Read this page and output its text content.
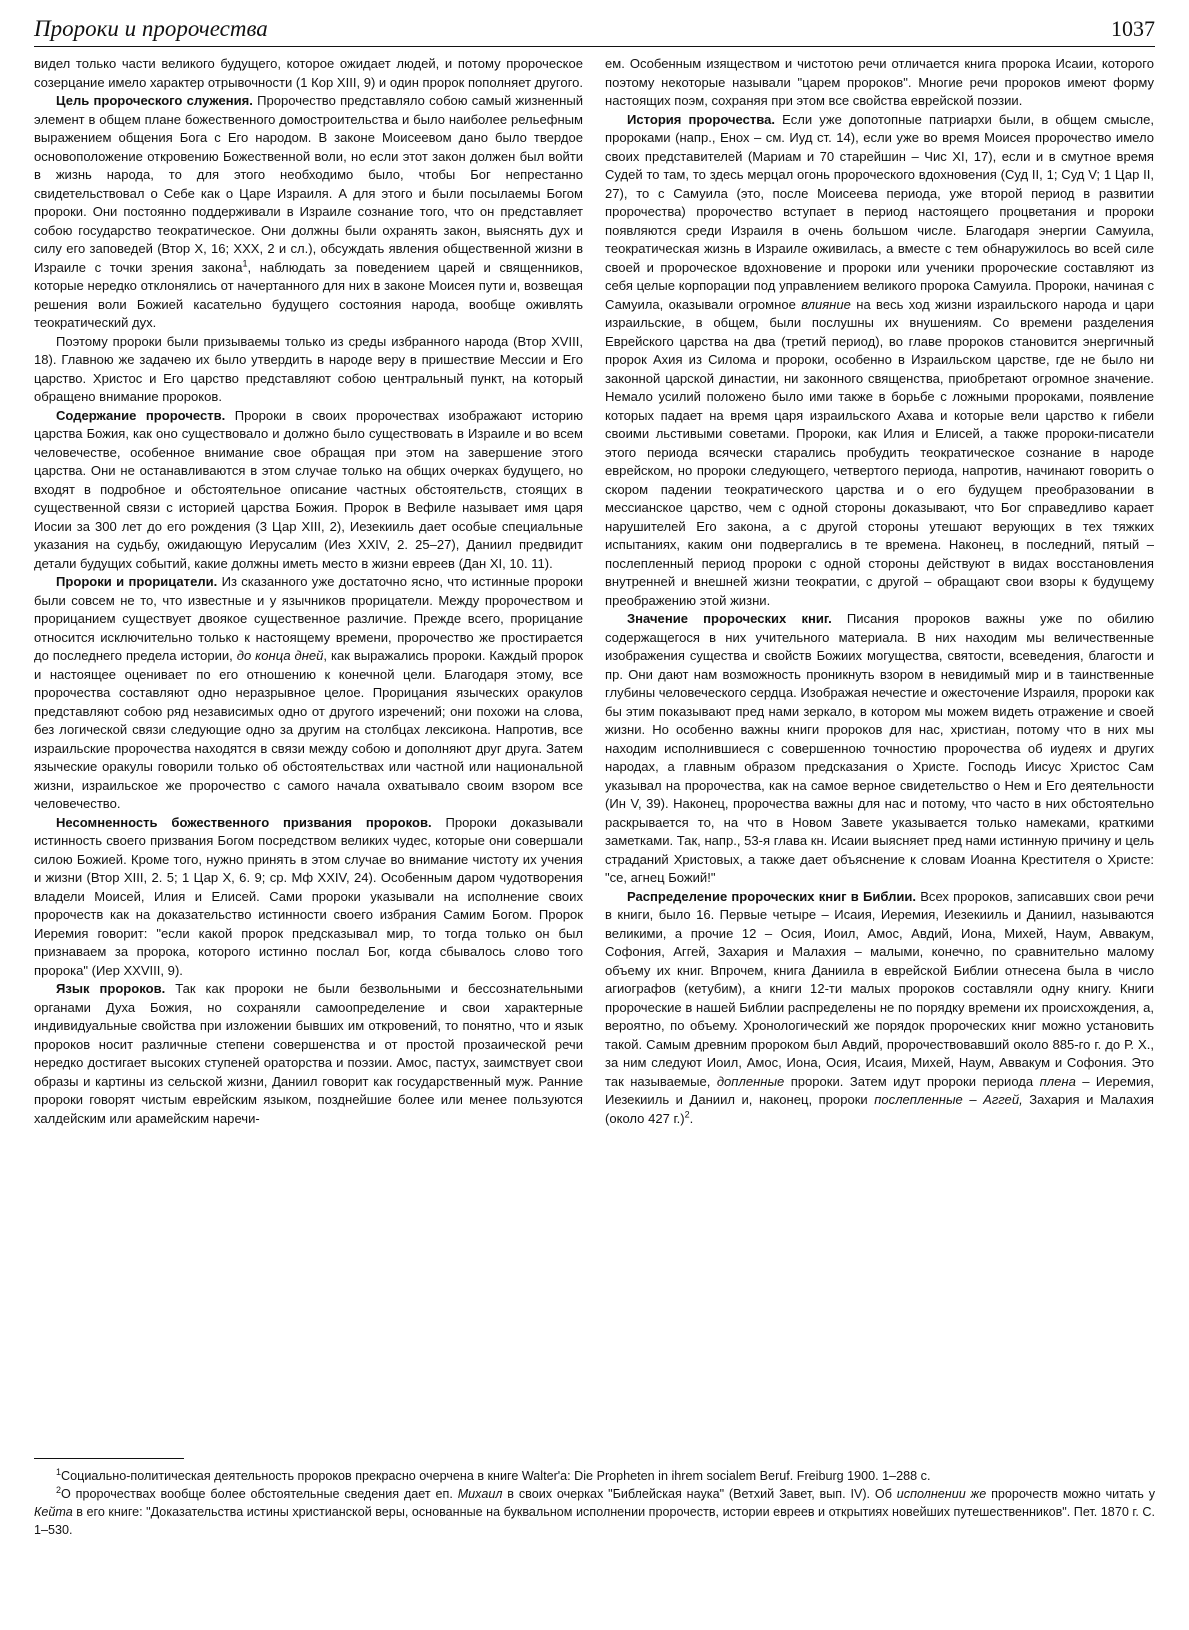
Пророки и пророчества	1037

видел только части великого будущего, которое ожидает людей, и потому пророческое созерцание имело характер отрывочности (1 Кор XIII, 9) и один пророк пополняет другого.

Цель пророческого служения. Пророчество представляло собою самый жизненный элемент в общем плане божественного домостроительства и было наиболее рельефным выражением общения Бога с Его народом. В законе Моисеевом дано было твердое основоположение откровению Божественной воли, но если этот закон должен был войти в жизнь народа, то для этого необходимо было, чтобы Бог непрестанно свидетельствовал о Себе как о Царе Израиля. А для этого и были посылаемы Богом пророки. Они постоянно поддерживали в Израиле сознание того, что он представляет собою государство теократическое. Они должны были охранять закон, выяснять дух и силу его заповедей (Втор X, 16; XXX, 2 и сл.), обсуждать явления общественной жизни в Израиле с точки зрения закона$^1$, наблюдать за поведением царей и священников, которые нередко отклонялись от начертанного для них в законе Моисея пути и, возвещая решения воли Божией касательно будущего состояния народа, вообще оживлять теократический дух.

Поэтому пророки были призываемы только из среды избранного народа (Втор XVIII, 18). Главною же задачею их было утвердить в народе веру в пришествие Мессии и Его царство. Христос и Его царство представляют собою центральный пункт, на который обращено внимание пророков.

Содержание пророчеств. Пророки в своих пророчествах изображают историю царства Божия, как оно существовало и должно было существовать в Израиле и во всем человечестве, особенное внимание свое обращая при этом на завершение этого царства. Они не останавливаются в этом случае только на общих очерках будущего, но входят в подробное и обстоятельное описание частных обстоятельств, стоящих в существенной связи с историей царства Божия. Пророк в Вефиле называет имя царя Иосии за 300 лет до его рождения (3 Цар XIII, 2), Иезекииль дает особые специальные указания на судьбу, ожидающую Иерусалим (Иез XXIV, 2. 25–27), Даниил предвидит детали будущих событий, какие должны иметь место в жизни евреев (Дан XI, 10. 11).

Пророки и прорицатели. Из сказанного уже достаточно ясно, что истинные пророки были совсем не то, что известные и у язычников прорицатели. Между пророчеством и прорицанием существует двоякое существенное различие. Прежде всего, прорицание относится исключительно только к настоящему времени, пророчество же простирается до последнего предела истории, до конца дней, как выражались пророки. Каждый пророк и настоящее оценивает по его отношению к конечной цели. Благодаря этому, все пророчества составляют одно неразрывное целое. Прорицания языческих оракулов представляют собою ряд независимых одно от другого изречений; они похожи на слова, без логической связи следующие одно за другим на столбцах лексикона. Напротив, все израильские пророчества находятся в связи между собою и дополняют друг друга. Затем языческие оракулы говорили только об обстоятельствах или частной или национальной жизни, израильское же пророчество с самого начала охватывало своим взором все человечество.

Несомненность божественного призвания пророков. Пророки доказывали истинность своего призвания Богом посредством великих чудес, которые они совершали силою Божией. Кроме того, нужно принять в этом случае во внимание чистоту их учения и жизни (Втор XIII, 2. 5; 1 Цар X, 6. 9; ср. Мф XXIV, 24). Особенным даром чудотворения владели Моисей, Илия и Елисей. Сами пророки указывали на исполнение своих пророчеств как на доказательство истинности своего избрания Самим Богом. Пророк Иеремия говорит: "если какой пророк предсказывал мир, то тогда только он был признаваем за пророка, которого истинно послал Бог, когда сбывалось слово того пророка" (Иер XXVIII, 9).

Язык пророков. Так как пророки не были безвольными и бессознательными органами Духа Божия, но сохраняли самоопределение и свои характерные индивидуальные свойства при изложении бывших им откровений, то понятно, что и язык пророков носит различные степени совершенства и от простой прозаической речи нередко достигает высоких ступеней ораторства и поэзии. Амос, пастух, заимствует свои образы и картины из сельской жизни, Даниил говорит как государственный муж. Ранние пророки говорят чистым еврейским языком, позднейшие более или менее пользуются халдейским или арамейским наречи-

ем. Особенным изяществом и чистотою речи отличается книга пророка Исаии, которого поэтому некоторые называли "царем пророков". Многие речи пророков имеют форму настоящих поэм, сохраняя при этом все свойства еврейской поэзии.

История пророчества. Если уже допотопные патриархи были, в общем смысле, пророками (напр., Енох – см. Иуд ст. 14), если уже во время Моисея пророчество имело своих представителей (Мариам и 70 старейшин – Чис XI, 17), если и в смутное время Судей то там, то здесь мерцал огонь пророческого вдохновения (Суд II, 1; Суд V; 1 Цар II, 27), то с Самуила (это, после Моисеева периода, уже второй период в развитии пророчества) пророчество вступает в период настоящего процветания и пророки появляются среди Израиля в очень большом числе. Благодаря энергии Самуила, теократическая жизнь в Израиле оживилась, а вместе с тем обнаружилось во всей силе своей и пророческое вдохновение и пророки или ученики пророческие составляют из себя целые корпорации под управлением великого пророка Самуила. Пророки, начиная с Самуила, оказывали огромное влияние на весь ход жизни израильского народа и цари израильские, в общем, были послушны их внушениям. Со времени разделения Еврейского царства на два (третий период), во главе пророков становится энергичный пророк Ахия из Силома и пророки, особенно в Израильском царстве, где не было ни законной царской династии, ни законного священства, приобретают огромное значение. Немало усилий положено было ими также в борьбе с ложными пророками, появление которых падает на время царя израильского Ахава и которые вели царство к гибели своими льстивыми советами. Пророки, как Илия и Елисей, а также пророки-писатели этого периода всячески старались пробудить теократическое сознание в народе еврейском, но пророки следующего, четвертого периода, напротив, начинают говорить о скором падении теократического царства и о его будущем преобразовании в мессианское царство, чем с одной стороны доказывают, что Бог справедливо карает нарушителей Его закона, а с другой стороны утешают верующих в тех тяжких испытаниях, каким они подвергались в те времена. Наконец, в последний, пятый – послепленный период пророки с одной стороны действуют в видах восстановления внутренней и внешней жизни теократии, с другой – обращают свои взоры к будущему преображению этой жизни.

Значение пророческих книг. Писания пророков важны уже по обилию содержащегося в них учительного материала. В них находим мы величественные изображения существа и свойств Божиих могущества, святости, всеведения, благости и пр. Они дают нам возможность проникнуть взором в невидимый мир и в таинственные глубины человеческого сердца. Изображая нечестие и ожесточение Израиля, пророки как бы этим показывают пред нами зеркало, в котором мы можем видеть отражение и своей жизни. Но особенно важны книги пророков для нас, христиан, потому что в них мы находим исполнившиеся с совершенною точностию пророчества об иудеях и других народах, а главным образом предсказания о Христе. Господь Иисус Христос Сам указывал на пророчества, как на самое верное свидетельство о Нем и Его деятельности (Ин V, 39). Наконец, пророчества важны для нас и потому, что часто в них обстоятельно раскрывается то, на что в Новом Завете указывается только намеками, краткими заметками. Так, напр., 53-я глава кн. Исаии выясняет пред нами истинную причину и цель страданий Христовых, а также дает объяснение к словам Иоанна Крестителя о Христе: "се, агнец Божий!"

Распределение пророческих книг в Библии. Всех пророков, записавших свои речи в книги, было 16. Первые четыре – Исаия, Иеремия, Иезекииль и Даниил, называются великими, а прочие 12 – Осия, Иоил, Амос, Авдий, Иона, Михей, Наум, Аввакум, Софония, Аггей, Захария и Малахия – малыми, конечно, по сравнительно малому объему их книг. Впрочем, книга Даниила в еврейской Библии отнесена была в число агиографов (кетубим), а книги 12-ти малых пророков составляли одну книгу. Книги пророческие в нашей Библии распределены не по порядку времени их происхождения, а, вероятно, по объему. Хронологический же порядок пророческих книг можно установить такой. Самым древним пророком был Авдий, пророчествовавший около 885-го г. до Р. Х., за ним следуют Иоил, Амос, Иона, Осия, Исаия, Михей, Наум, Аввакум и Софония. Это так называемые, допленные пророки. Затем идут пророки периода плена – Иеремия, Иезекииль и Даниил и, наконец, пророки послепленные – Аггей, Захария и Малахия (около 427 г.)$^2$.

$^1$Социально-политическая деятельность пророков прекрасно очерчена в книге Walter'a: Die Propheten in ihrem socialem Beruf. Freiburg 1900. 1–288 с.

$^2$О пророчествах вообще более обстоятельные сведения дает еп. Михаил в своих очерках "Библейская наука" (Ветхий Завет, вып. IV). Об исполнении же пророчеств можно читать у Кейта в его книге: "Доказательства истины христианской веры, основанные на буквальном исполнении пророчеств, истории евреев и открытиях новейших путешественников". Пет. 1870 г. С. 1–530.
